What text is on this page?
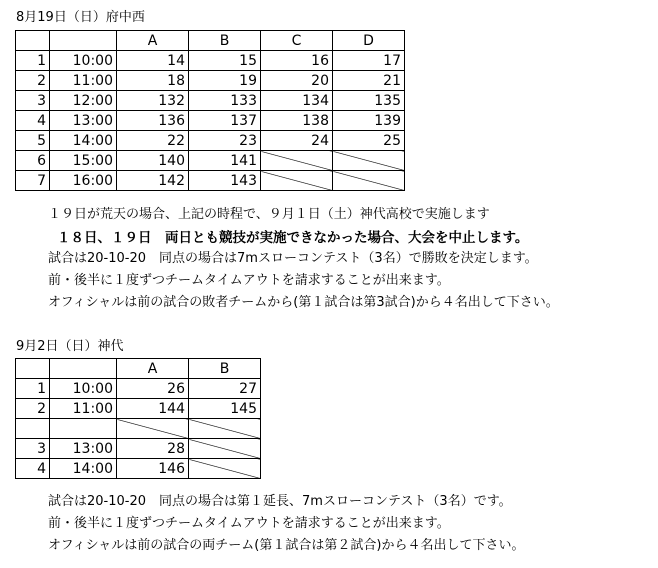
8月19日（日）府中西
		A	B	C	D
1	10:00	14	15	16	17
2	11:00	18	19	20	21
3	12:00	132	133	134	135
4	13:00	136	137	138	139
5	14:00	22	23	24	25
6	15:00	140	141		
7	16:00	142	143		
１９日が荒天の場合、上記の時程で、９月１日（土）神代高校で実施します
１８日、１９日　両日とも競技が実施できなかった場合、大会を中止します。
試合は20-10-20　同点の場合は7mスローコンテスト（3名）で勝敗を決定します。
前・後半に１度ずつチームタイムアウトを請求することが出来ます。
オフィシャルは前の試合の敗者チームから(第１試合は第3試合)から４名出して下さい。
9月2日（日）神代
		A	B
1	10:00	26	27
2	11:00	144	145

3	13:00	28	
4	14:00	146	
試合は20-10-20　同点の場合は第１延長、7mスローコンテスト（3名）です。
前・後半に１度ずつチームタイムアウトを請求することが出来ます。
オフィシャルは前の試合の両チーム(第１試合は第２試合)から４名出して下さい。
